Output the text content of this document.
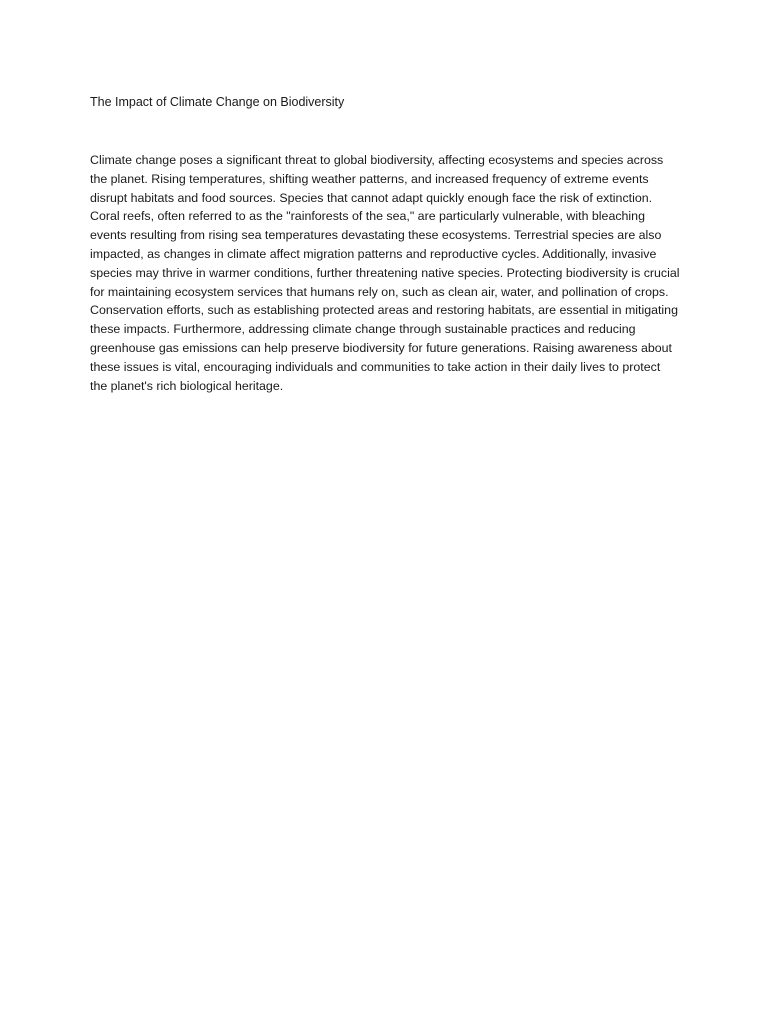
The Impact of Climate Change on Biodiversity

Climate change poses a significant threat to global biodiversity, affecting ecosystems and species across the planet. Rising temperatures, shifting weather patterns, and increased frequency of extreme events disrupt habitats and food sources. Species that cannot adapt quickly enough face the risk of extinction. Coral reefs, often referred to as the "rainforests of the sea," are particularly vulnerable, with bleaching events resulting from rising sea temperatures devastating these ecosystems. Terrestrial species are also impacted, as changes in climate affect migration patterns and reproductive cycles. Additionally, invasive species may thrive in warmer conditions, further threatening native species. Protecting biodiversity is crucial for maintaining ecosystem services that humans rely on, such as clean air, water, and pollination of crops. Conservation efforts, such as establishing protected areas and restoring habitats, are essential in mitigating these impacts. Furthermore, addressing climate change through sustainable practices and reducing greenhouse gas emissions can help preserve biodiversity for future generations. Raising awareness about these issues is vital, encouraging individuals and communities to take action in their daily lives to protect the planet's rich biological heritage.
